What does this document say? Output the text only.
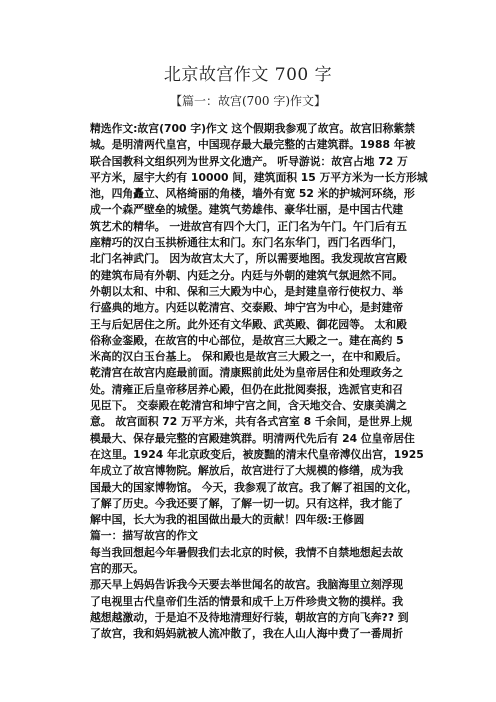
北京故宫作文 700 字
【篇一：故宫(700 字)作文】
精选作文:故宫(700 字)作文 这个假期我参观了故宫。故宫旧称紫禁
城。是明清两代皇宫，中国现存最大最完整的古建筑群。1988 年被
联合国教科文组织列为世界文化遗产。 听导游说：故宫占地 72 万
平方米，屋宇大约有 10000 间，建筑面积 15 万平方米为一长方形城
池，四角矗立、风格绮丽的角楼，墙外有宽 52 米的护城河环绕，形
成一个森严壁垒的城堡。建筑气势雄伟、豪华壮丽，是中国古代建
筑艺术的精华。 一进故宫有四个大门，正门名为午门。午门后有五
座精巧的汉白玉拱桥通往太和门。东门名东华门，西门名西华门，
北门名神武门。 因为故宫太大了，所以需要地图。我发现故宫宫殿
的建筑布局有外朝、内廷之分。内廷与外朝的建筑气氛迥然不同。
外朝以太和、中和、保和三大殿为中心，是封建皇帝行使权力、举
行盛典的地方。内廷以乾清宫、交泰殿、坤宁宫为中心，是封建帝
王与后妃居住之所。此外还有文华殿、武英殿、御花园等。 太和殿
俗称金銮殿，在故宫的中心部位，是故宫三大殿之一。建在高约 5
米高的汉白玉台基上。 保和殿也是故宫三大殿之一，在中和殿后。
乾清宫在故宫内庭最前面。清康熙前此处为皇帝居住和处理政务之
处。清雍正后皇帝移居养心殿，但仍在此批阅奏报，选派官吏和召
见臣下。 交泰殿在乾清宫和坤宁宫之间，含天地交合、安康美满之
意。 故宫面积 72 万平方米，共有各式宫室 8 千余间，是世界上规
模最大、保存最完整的宫殿建筑群。明清两代先后有 24 位皇帝居住
在这里。1924 年北京政变后，被废黜的清末代皇帝溥仪出宫，1925
年成立了故宫博物院。解放后，故宫进行了大规模的修缮，成为我
国最大的国家博物馆。 今天，我参观了故宫。我了解了祖国的文化，
了解了历史。今我还要了解，了解一切一切。只有这样，我才能了
解中国，长大为我的祖国做出最大的贡献！四年级:王修圆
篇一：描写故宫的作文
每当我回想起今年暑假我们去北京的时候，我情不自禁地想起去故
宫的那天。
那天早上妈妈告诉我今天要去举世闻名的故宫。我脑海里立刻浮现
了电视里古代皇帝们生活的情景和成千上万件珍贵文物的摸样。我
越想越激动，于是迫不及待地清理好行装，朝故宫的方向飞奔?? 到
了故宫，我和妈妈就被人流冲散了，我在人山人海中费了一番周折
